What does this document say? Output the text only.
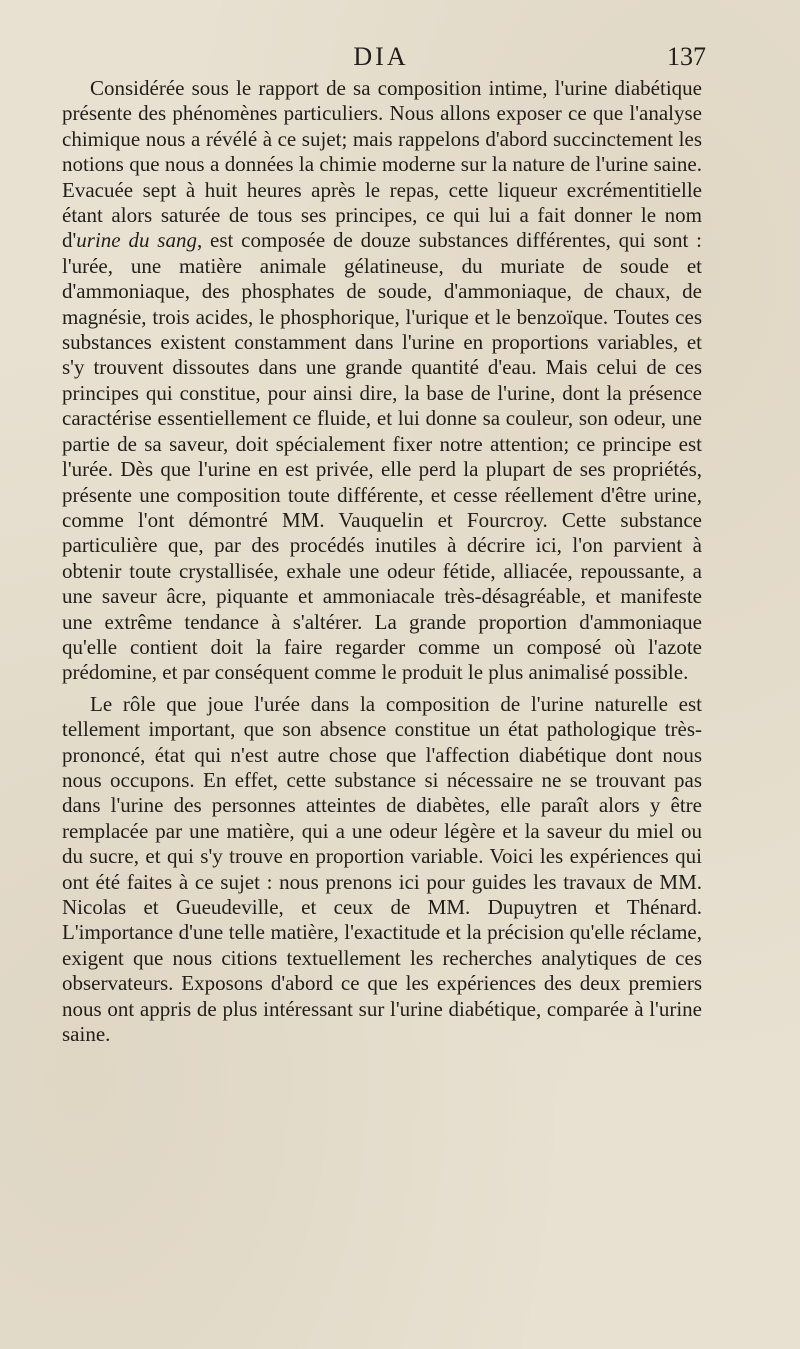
DIA	137

Considérée sous le rapport de sa composition intime, l'urine diabétique présente des phénomènes particuliers. Nous allons exposer ce que l'analyse chimique nous a révélé à ce sujet; mais rappelons d'abord succinctement les notions que nous a données la chimie moderne sur la nature de l'urine saine. Evacuée sept à huit heures après le repas, cette liqueur excrémentitielle étant alors saturée de tous ses principes, ce qui lui a fait donner le nom d'urine du sang, est composée de douze substances différentes, qui sont : l'urée, une matière animale gélatineuse, du muriate de soude et d'ammoniaque, des phosphates de soude, d'ammoniaque, de chaux, de magnésie, trois acides, le phosphorique, l'urique et le benzoïque. Toutes ces substances existent constamment dans l'urine en proportions variables, et s'y trouvent dissoutes dans une grande quantité d'eau. Mais celui de ces principes qui constitue, pour ainsi dire, la base de l'urine, dont la présence caractérise essentiellement ce fluide, et lui donne sa couleur, son odeur, une partie de sa saveur, doit spécialement fixer notre attention; ce principe est l'urée. Dès que l'urine en est privée, elle perd la plupart de ses propriétés, présente une composition toute différente, et cesse réellement d'être urine, comme l'ont démontré MM. Vauquelin et Fourcroy. Cette substance particulière que, par des procédés inutiles à décrire ici, l'on parvient à obtenir toute crystallisée, exhale une odeur fétide, alliacée, repoussante, a une saveur âcre, piquante et ammoniacale très-désagréable, et manifeste une extrême tendance à s'altérer. La grande proportion d'ammoniaque qu'elle contient doit la faire regarder comme un composé où l'azote prédomine, et par conséquent comme le produit le plus animalisé possible.

Le rôle que joue l'urée dans la composition de l'urine naturelle est tellement important, que son absence constitue un état pathologique très-prononcé, état qui n'est autre chose que l'affection diabétique dont nous nous occupons. En effet, cette substance si nécessaire ne se trouvant pas dans l'urine des personnes atteintes de diabètes, elle paraît alors y être remplacée par une matière, qui a une odeur légère et la saveur du miel ou du sucre, et qui s'y trouve en proportion variable. Voici les expériences qui ont été faites à ce sujet : nous prenons ici pour guides les travaux de MM. Nicolas et Gueudeville, et ceux de MM. Dupuytren et Thénard. L'importance d'une telle matière, l'exactitude et la précision qu'elle réclame, exigent que nous citions textuellement les recherches analytiques de ces observateurs. Exposons d'abord ce que les expériences des deux premiers nous ont appris de plus intéressant sur l'urine diabétique, comparée à l'urine saine.
